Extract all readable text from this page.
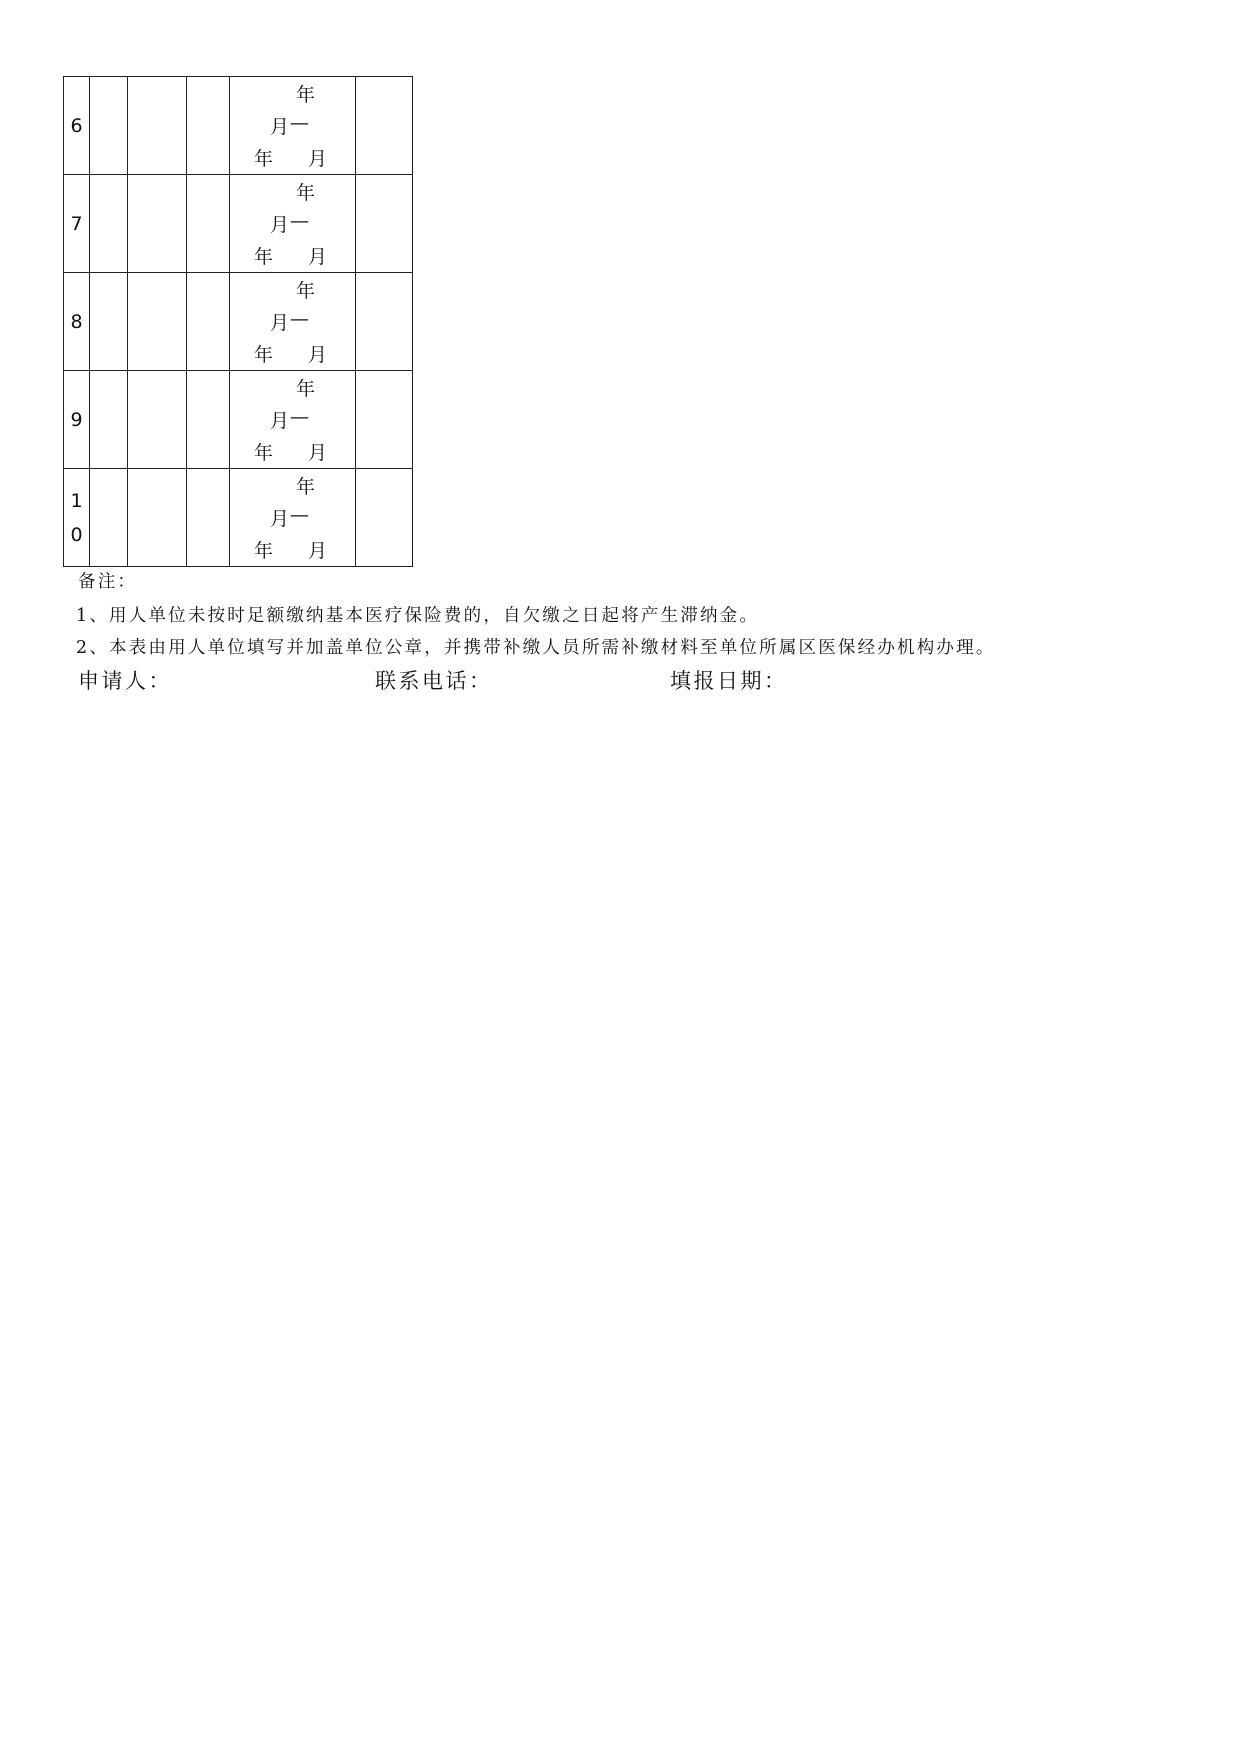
6				年
月 —
年 月	

7				年
月 —
年 月	

8				年
月 —
年 月	

9				年
月 —
年 月	

10				年
月 —
年 月	

备注：
1、用人单位未按时足额缴纳基本医疗保险费的，自欠缴之日起将产生滞纳金。
2、本表由用人单位填写并加盖单位公章，并携带补缴人员所需补缴材料至单位所属区医保经办机构办理。
申请人：	联系电话：	填报日期：
